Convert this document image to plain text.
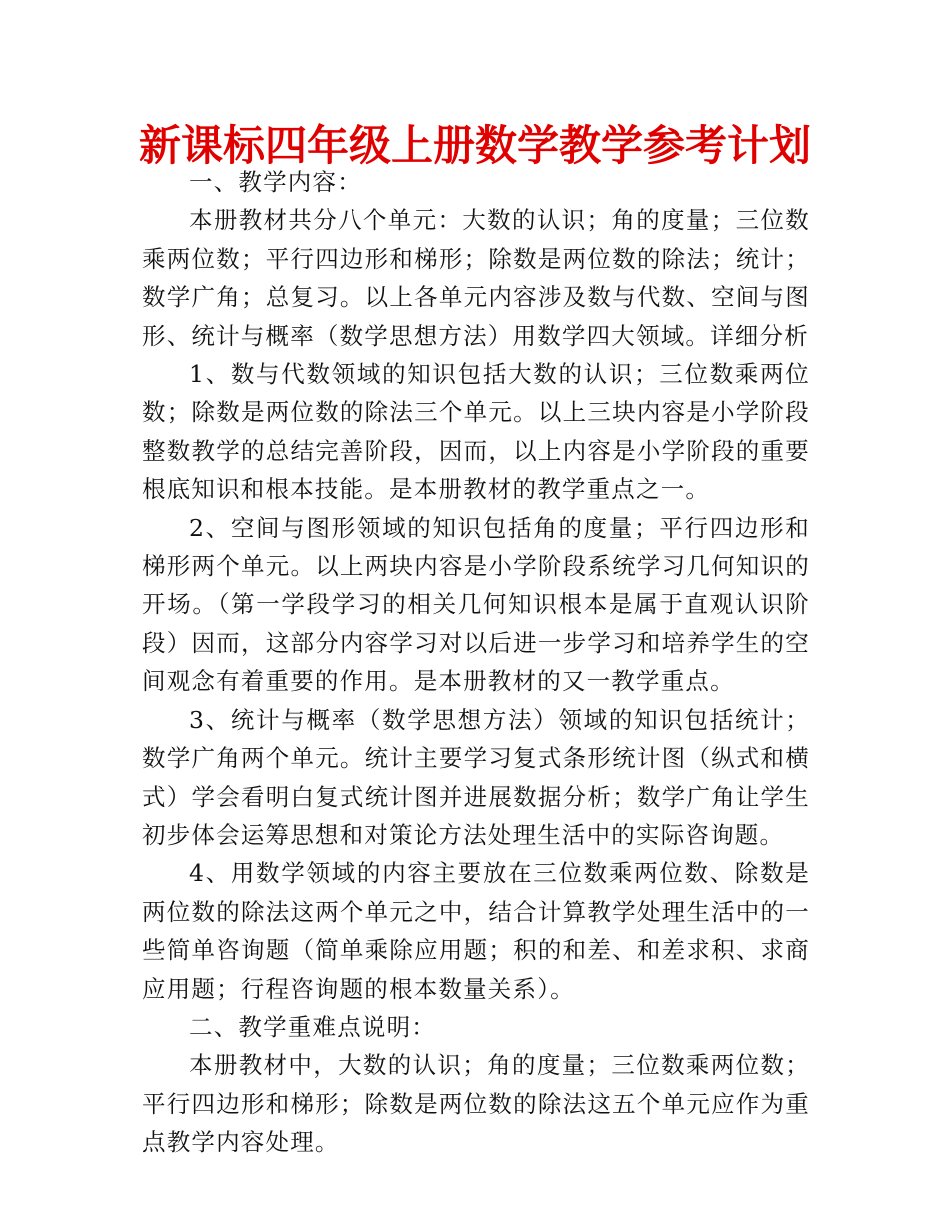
新课标四年级上册数学教学参考计划

一、教学内容：

本册教材共分八个单元：大数的认识；角的度量；三位数乘两位数；平行四边形和梯形；除数是两位数的除法；统计；数学广角；总复习。以上各单元内容涉及数与代数、空间与图形、统计与概率（数学思想方法）用数学四大领域。详细分析

1、数与代数领域的知识包括大数的认识；三位数乘两位数；除数是两位数的除法三个单元。以上三块内容是小学阶段整数教学的总结完善阶段，因而，以上内容是小学阶段的重要根底知识和根本技能。是本册教材的教学重点之一。

2、空间与图形领域的知识包括角的度量；平行四边形和梯形两个单元。以上两块内容是小学阶段系统学习几何知识的开场。（第一学段学习的相关几何知识根本是属于直观认识阶段）因而，这部分内容学习对以后进一步学习和培养学生的空间观念有着重要的作用。是本册教材的又一教学重点。

3、统计与概率（数学思想方法）领域的知识包括统计；数学广角两个单元。统计主要学习复式条形统计图（纵式和横式）学会看明白复式统计图并进展数据分析；数学广角让学生初步体会运筹思想和对策论方法处理生活中的实际咨询题。

4、用数学领域的内容主要放在三位数乘两位数、除数是两位数的除法这两个单元之中，结合计算教学处理生活中的一些简单咨询题（简单乘除应用题；积的和差、和差求积、求商应用题；行程咨询题的根本数量关系）。

二、教学重难点说明：

本册教材中，大数的认识；角的度量；三位数乘两位数；平行四边形和梯形；除数是两位数的除法这五个单元应作为重点教学内容处理。
